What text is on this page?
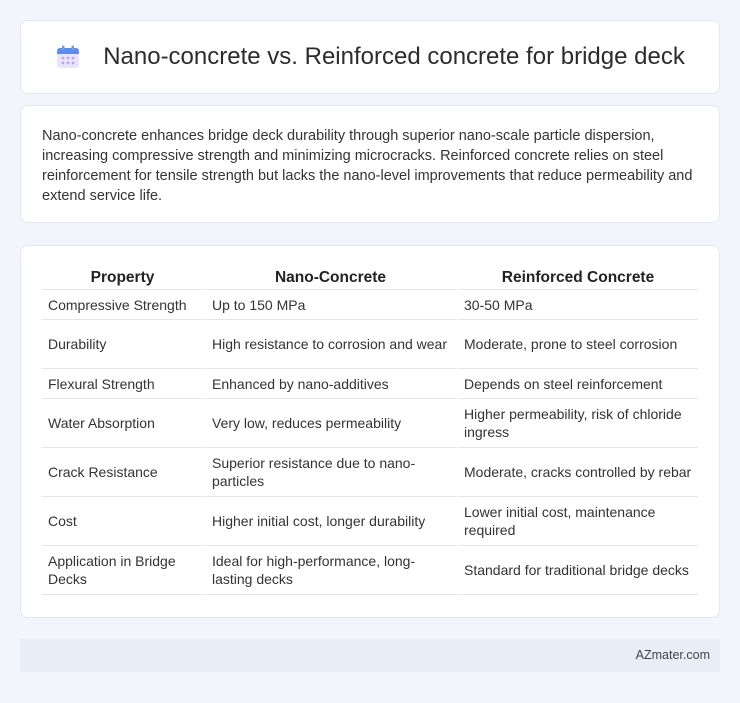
Nano-concrete vs. Reinforced concrete for bridge deck

Nano-concrete enhances bridge deck durability through superior nano-scale particle dispersion, increasing compressive strength and minimizing microcracks. Reinforced concrete relies on steel reinforcement for tensile strength but lacks the nano-level improvements that reduce permeability and extend service life.

Property	Nano-Concrete	Reinforced Concrete
Compressive Strength	Up to 150 MPa	30-50 MPa
Durability	High resistance to corrosion and wear	Moderate, prone to steel corrosion
Flexural Strength	Enhanced by nano-additives	Depends on steel reinforcement
Water Absorption	Very low, reduces permeability	Higher permeability, risk of chloride ingress
Crack Resistance	Superior resistance due to nano-particles	Moderate, cracks controlled by rebar
Cost	Higher initial cost, longer durability	Lower initial cost, maintenance required
Application in Bridge Decks	Ideal for high-performance, long-lasting decks	Standard for traditional bridge decks
AZmater.com
